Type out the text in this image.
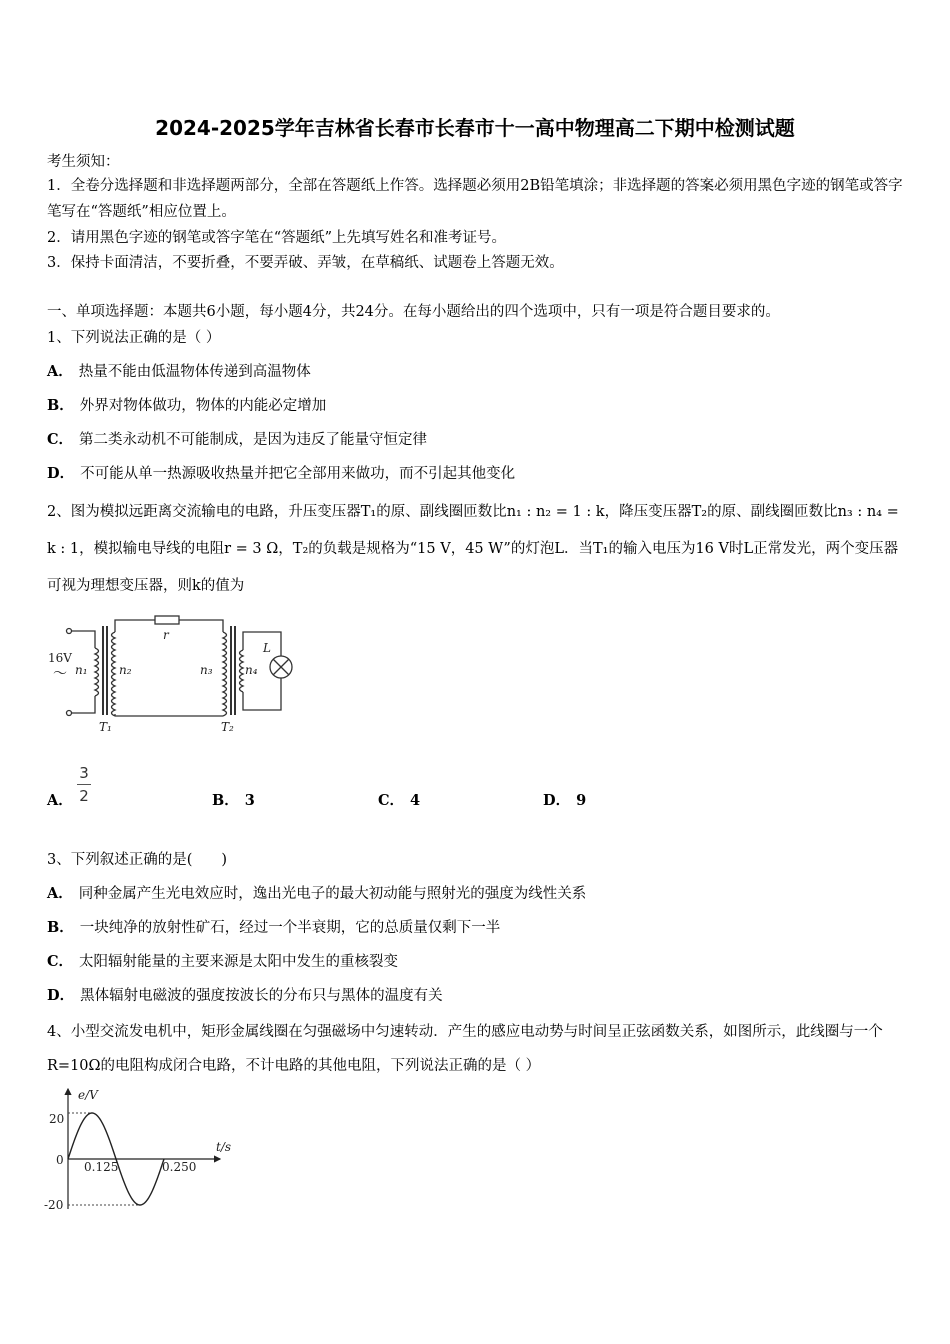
2024-2025学年吉林省长春市长春市十一高中物理高二下期中检测试题
考生须知：
1．全卷分选择题和非选择题两部分，全部在答题纸上作答。选择题必须用2B铅笔填涂；非选择题的答案必须用黑色字迹的钢笔或答字笔写在“答题纸”相应位置上。
2．请用黑色字迹的钢笔或答字笔在“答题纸”上先填写姓名和准考证号。
3．保持卡面清洁，不要折叠，不要弄破、弄皱，在草稿纸、试题卷上答题无效。
一、单项选择题：本题共6小题，每小题4分，共24分。在每小题给出的四个选项中，只有一项是符合题目要求的。
1、下列说法正确的是（ ）
A． 热量不能由低温物体传递到高温物体
B． 外界对物体做功，物体的内能必定增加
C． 第二类永动机不可能制成，是因为违反了能量守恒定律
D． 不可能从单一热源吸收热量并把它全部用来做功，而不引起其他变化
2、图为模拟远距离交流输电的电路，升压变压器T₁的原、副线圈匝数比n₁ : n₂ = 1 : k，降压变压器T₂的原、副线圈匝数比n₃ : n₄ = k : 1，模拟输电导线的电阻r = 3 Ω，T₂的负载是规格为“15 V，45 W”的灯泡L．当T₁的输入电压为16 V时L正常发光，两个变压器可视为理想变压器，则k的值为
16V
～ n₁	n₂
r
n₃	n₄
L
T₁	T₂
A．
3
2	B． 3	C． 4	D． 9
3、下列叙述正确的是(　　)
A． 同种金属产生光电效应时，逸出光电子的最大初动能与照射光的强度为线性关系
B． 一块纯净的放射性矿石，经过一个半衰期，它的总质量仅剩下一半
C． 太阳辐射能量的主要来源是太阳中发生的重核裂变
D． 黑体辐射电磁波的强度按波长的分布只与黑体的温度有关
4、小型交流发电机中，矩形金属线圈在匀强磁场中匀速转动．产生的感应电动势与时间呈正弦函数关系，如图所示，此线圈与一个R=10Ω的电阻构成闭合电路，不计电路的其他电阻，下列说法正确的是（ ）
e/V
t/s
20
-20
0 0.125	0.250
